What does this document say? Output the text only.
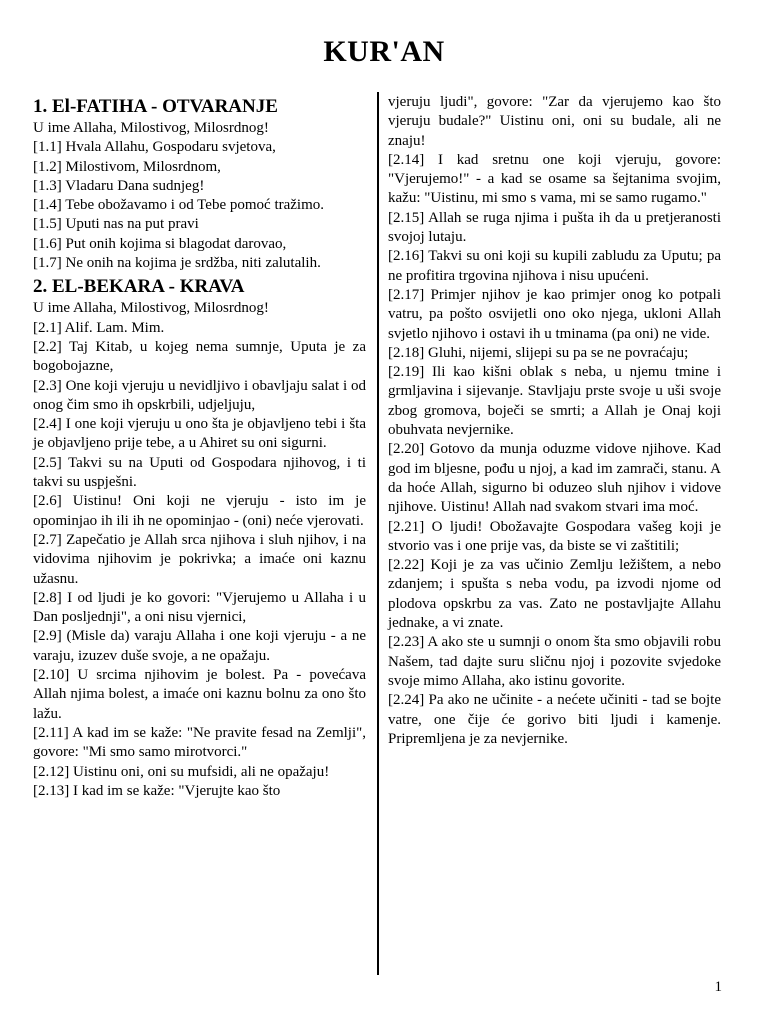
KUR'AN
1. El-FATIHA - OTVARANJE
U ime Allaha, Milostivog, Milosrdnog!
[1.1] Hvala Allahu, Gospodaru svjetova,
[1.2] Milostivom, Milosrdnom,
[1.3] Vladaru Dana sudnjeg!
[1.4] Tebe obožavamo i od Tebe pomoć tražimo.
[1.5] Uputi nas na put pravi
[1.6] Put onih kojima si blagodat darovao,
[1.7] Ne onih na kojima je srdžba, niti zalutalih.
2. EL-BEKARA - KRAVA
U ime Allaha, Milostivog, Milosrdnog!
[2.1] Alif. Lam. Mim.
[2.2] Taj Kitab, u kojeg nema sumnje, Uputa je za bogobojazne,
[2.3] One koji vjeruju u nevidljivo i obavljaju salat i od onog čim smo ih opskrbili, udjeljuju,
[2.4] I one koji vjeruju u ono šta je objavljeno tebi i šta je objavljeno prije tebe, a u Ahiret su oni sigurni.
[2.5] Takvi su na Uputi od Gospodara njihovog, i ti takvi su uspješni.
[2.6] Uistinu! Oni koji ne vjeruju - isto im je opominjao ih ili ih ne opominjao - (oni) neće vjerovati.
[2.7] Zapečatio je Allah srca njihova i sluh njihov, i na vidovima njihovim je pokrivka; a imaće oni kaznu užasnu.
[2.8] I od ljudi je ko govori: "Vjerujemo u Allaha i u Dan posljednji", a oni nisu vjernici,
[2.9] (Misle da) varaju Allaha i one koji vjeruju - a ne varaju, izuzev duše svoje, a ne opažaju.
[2.10] U srcima njihovim je bolest. Pa - povećava Allah njima bolest, a imaće oni kaznu bolnu za ono što lažu.
[2.11] A kad im se kaže: "Ne pravite fesad na Zemlji", govore: "Mi smo samo mirotvorci."
[2.12] Uistinu oni, oni su mufsidi, ali ne opažaju!
[2.13] I kad im se kaže: "Vjerujte kao što
vjeruju ljudi", govore: "Zar da vjerujemo kao što vjeruju budale?" Uistinu oni, oni su budale, ali ne znaju!
[2.14] I kad sretnu one koji vjeruju, govore: "Vjerujemo!" - a kad se osame sa šejtanima svojim, kažu: "Uistinu, mi smo s vama, mi se samo rugamo."
[2.15] Allah se ruga njima i pušta ih da u pretjeranosti svojoj lutaju.
[2.16] Takvi su oni koji su kupili zabludu za Uputu; pa ne profitira trgovina njihova i nisu upućeni.
[2.17] Primjer njihov je kao primjer onog ko potpali vatru, pa pošto osvijetli ono oko njega, ukloni Allah svjetlo njihovo i ostavi ih u tminama (pa oni) ne vide.
[2.18] Gluhi, nijemi, slijepi su pa se ne povraćaju;
[2.19] Ili kao kišni oblak s neba, u njemu tmine i grmljavina i sijevanje. Stavljaju prste svoje u uši svoje zbog gromova, boječi se smrti; a Allah je Onaj koji obuhvata nevjernike.
[2.20] Gotovo da munja oduzme vidove njihove. Kad god im bljesne, pođu u njoj, a kad im zamrači, stanu. A da hoće Allah, sigurno bi oduzeo sluh njihov i vidove njihove. Uistinu! Allah nad svakom stvari ima moć.
[2.21] O ljudi! Obožavajte Gospodara vašeg koji je stvorio vas i one prije vas, da biste se vi zaštitili;
[2.22] Koji je za vas učinio Zemlju ležištem, a nebo zdanjem; i spušta s neba vodu, pa izvodi njome od plodova opskrbu za vas. Zato ne postavljajte Allahu jednake, a vi znate.
[2.23] A ako ste u sumnji o onom šta smo objavili robu Našem, tad dajte suru sličnu njoj i pozovite svjedoke svoje mimo Allaha, ako istinu govorite.
[2.24] Pa ako ne učinite - a nećete učiniti - tad se bojte vatre, one čije će gorivo biti ljudi i kamenje. Pripremljena je za nevjernike.
1
